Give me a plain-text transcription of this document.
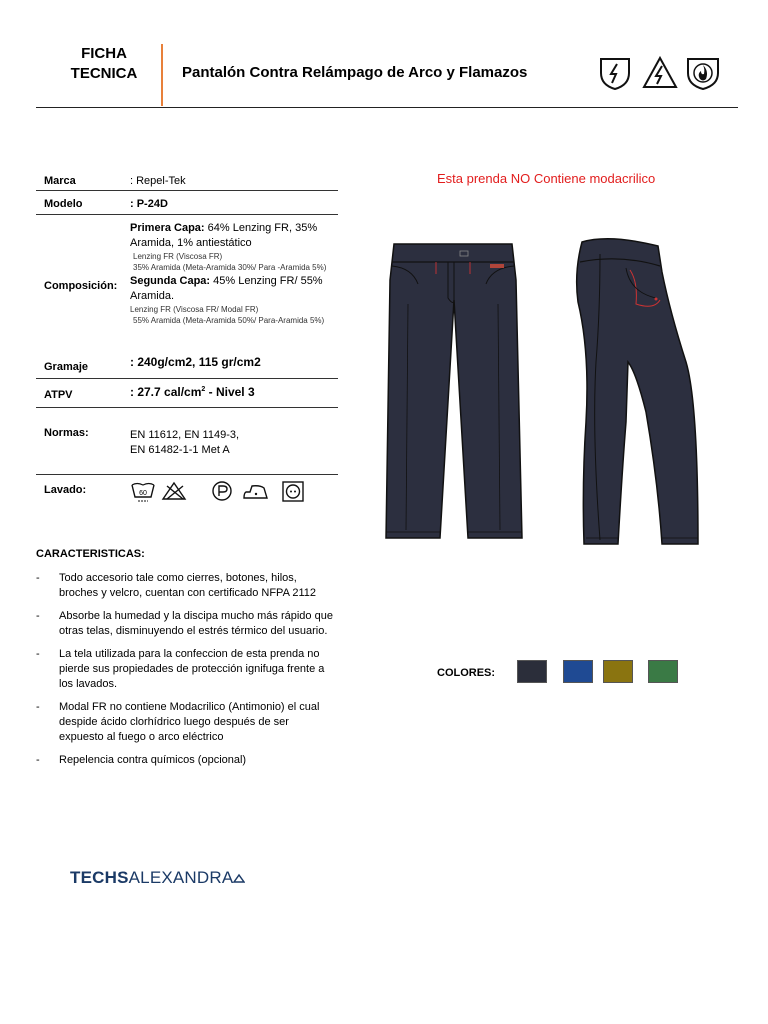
FICHA
TECNICA	Pantalón Contra Relámpago de Arco y Flamazos
Marca	: Repel-Tek
Modelo	: P-24D
Composición:
Primera Capa: 64% Lenzing FR, 35% Aramida, 1% antiestático
Lenzing FR (Viscosa FR)
35% Aramida (Meta-Aramida 30%/ Para -Aramida 5%)
Segunda Capa: 45% Lenzing FR/ 55% Aramida.
Lenzing FR (Viscosa FR/ Modal FR)
55% Aramida (Meta-Aramida 50%/ Para-Aramida 5%)
Gramaje	: 240g/cm2, 115 gr/cm2
ATPV	: 27.7 cal/$cm^2$ - Nivel 3
Normas:	EN 11612, EN 1149-3,
EN 61482-1-1 Met A
Lavado:	60
Esta prenda NO Contiene modacrilico
CARACTERISTICAS:
- Todo accesorio tale como cierres, botones, hilos, broches y velcro, cuentan con certificado NFPA 2112
- Absorbe la humedad y la discipa mucho más rápido que otras telas, disminuyendo el estrés térmico del usuario.
- La tela utilizada para la confeccion de esta prenda no pierde sus propiedades de protección ignifuga frente a los lavados.
- Modal FR no contiene Modacrilico (Antimonio) el cual despide ácido clorhídrico luego después de ser expuesto al fuego o arco eléctrico
- Repelencia contra químicos (opcional)
COLORES:
TECHSALEXANDRA
